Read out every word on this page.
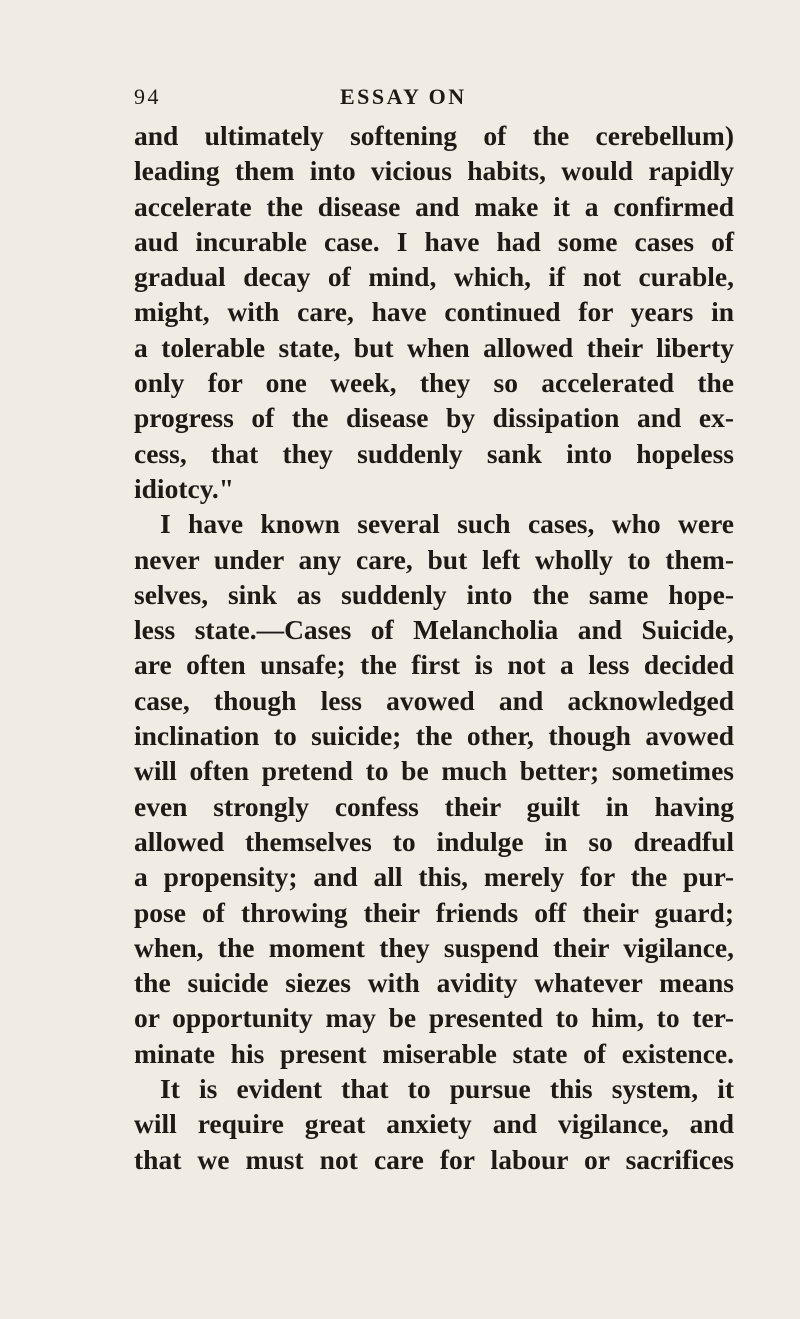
94	ESSAY ON
and ultimately softening of the cerebellum)
leading them into vicious habits, would rapidly
accelerate the disease and make it a confirmed
aud incurable case. I have had some cases of
gradual decay of mind, which, if not curable,
might, with care, have continued for years in
a tolerable state, but when allowed their liberty
only for one week, they so accelerated the
progress of the disease by dissipation and ex-
cess, that they suddenly sank into hopeless
idiotcy."
I have known several such cases, who were
never under any care, but left wholly to them-
selves, sink as suddenly into the same hope-
less state.—Cases of Melancholia and Suicide,
are often unsafe; the first is not a less decided
case, though less avowed and acknowledged
inclination to suicide; the other, though avowed
will often pretend to be much better; sometimes
even strongly confess their guilt in having
allowed themselves to indulge in so dreadful
a propensity; and all this, merely for the pur-
pose of throwing their friends off their guard;
when, the moment they suspend their vigilance,
the suicide siezes with avidity whatever means
or opportunity may be presented to him, to ter-
minate his present miserable state of existence.
It is evident that to pursue this system, it
will require great anxiety and vigilance, and
that we must not care for labour or sacrifices
